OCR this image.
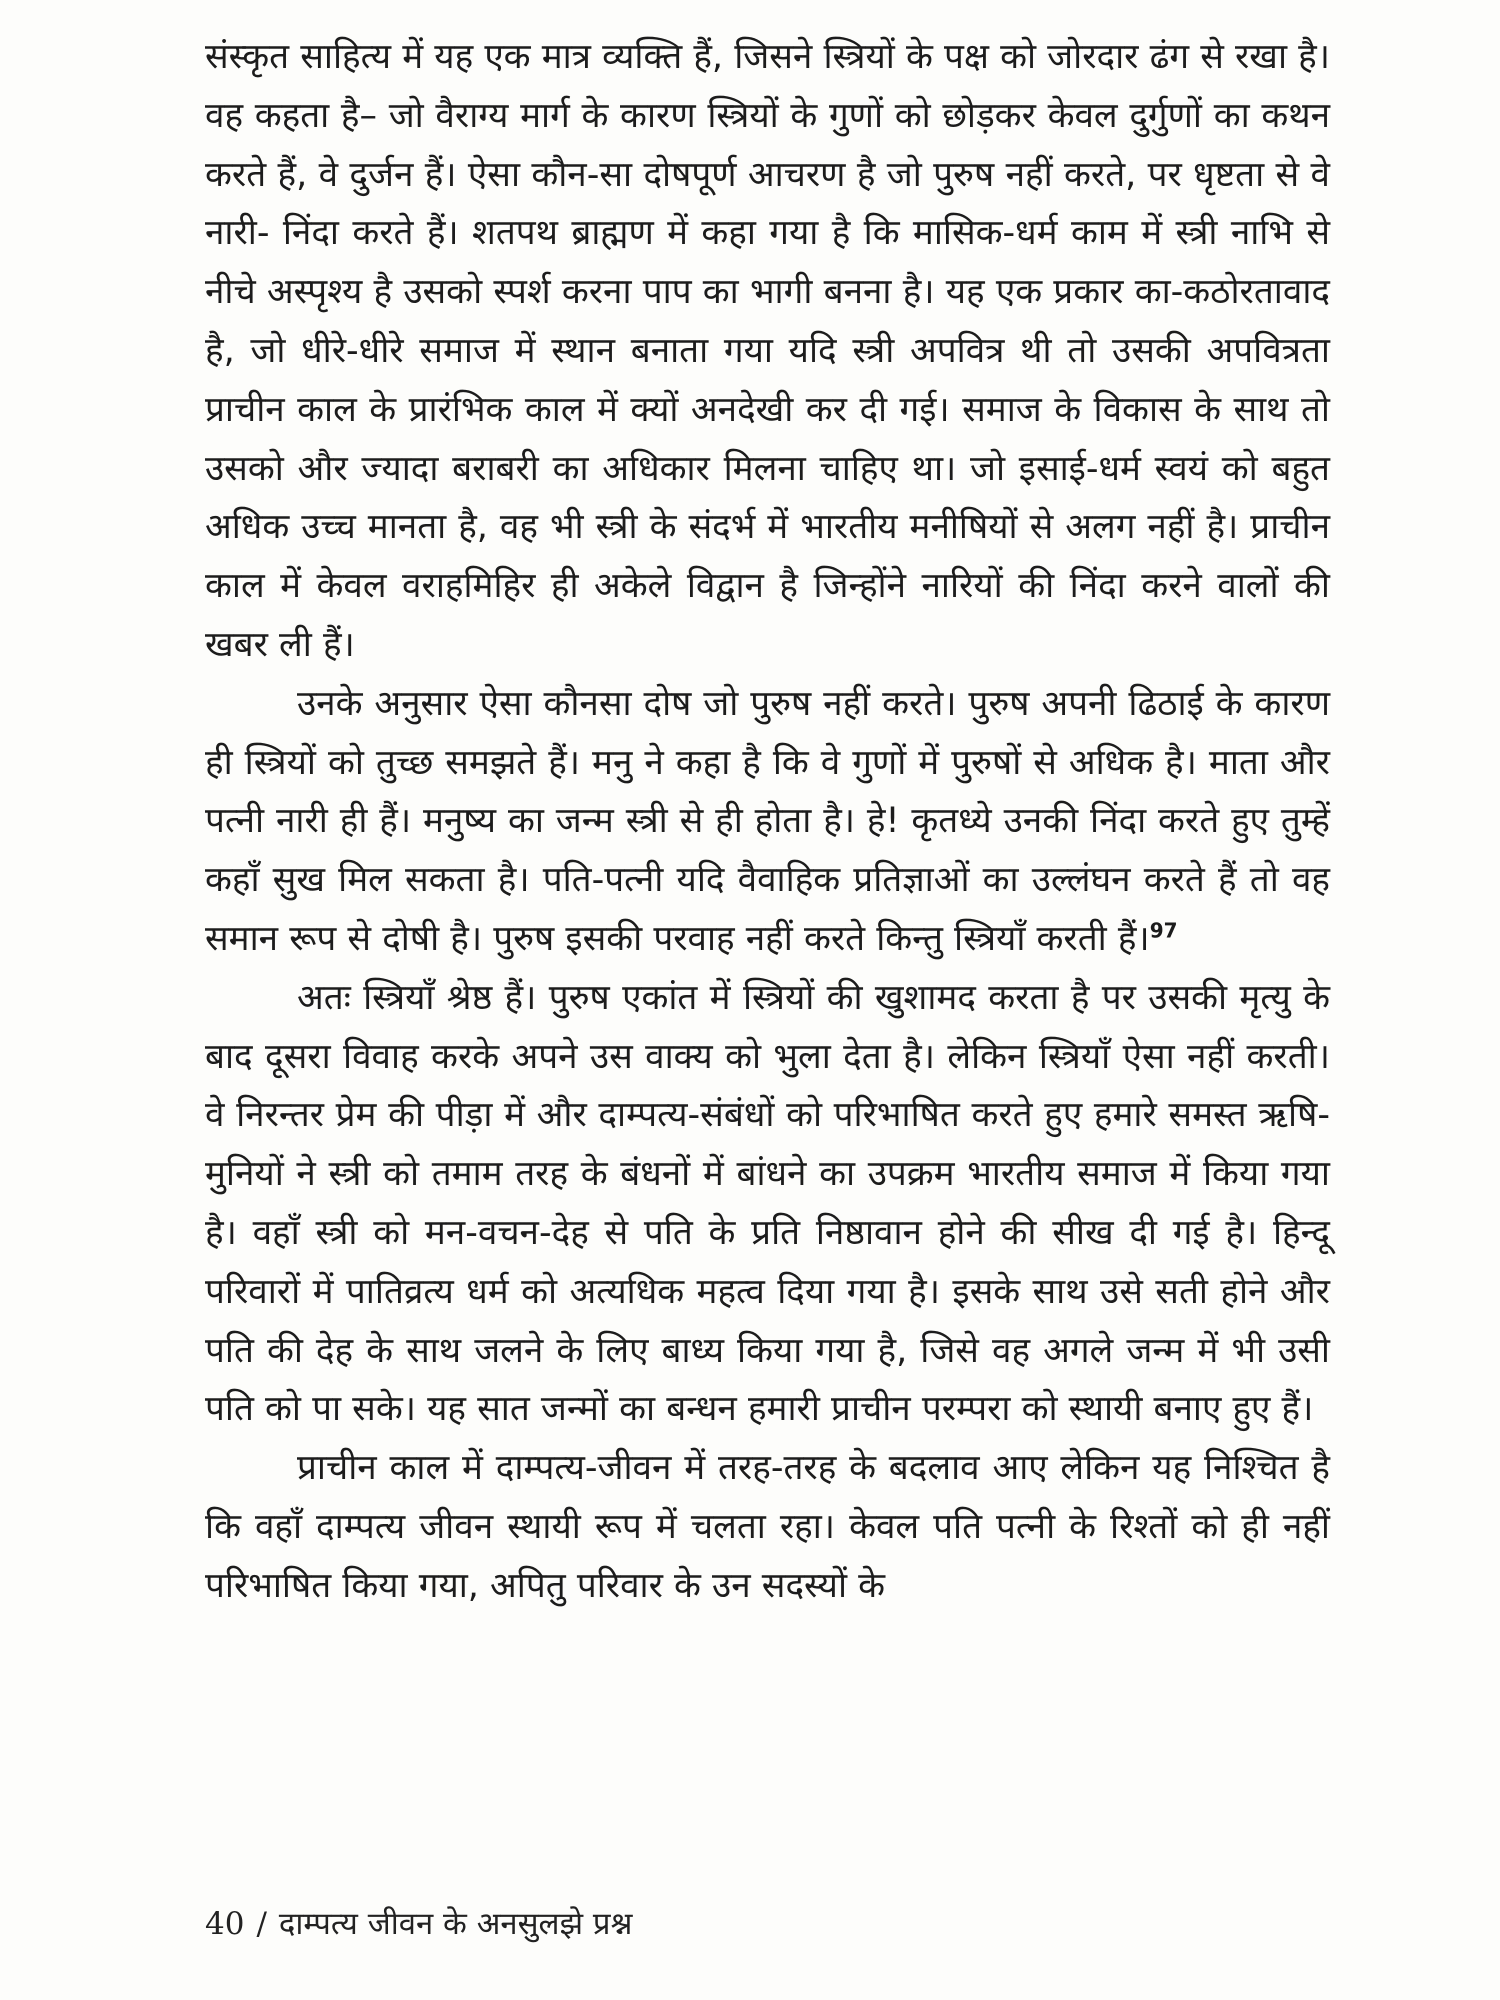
संस्कृत साहित्य में यह एक मात्र व्यक्ति हैं, जिसने स्त्रियों के पक्ष को जोरदार ढंग से रखा है। वह कहता है– जो वैराग्य मार्ग के कारण स्त्रियों के गुणों को छोड़कर केवल दुर्गुणों का कथन करते हैं, वे दुर्जन हैं। ऐसा कौन-सा दोषपूर्ण आचरण है जो पुरुष नहीं करते, पर धृष्टता से वे नारी- निंदा करते हैं। शतपथ ब्राह्मण में कहा गया है कि मासिक-धर्म काम में स्त्री नाभि से नीचे अस्पृश्य है उसको स्पर्श करना पाप का भागी बनना है। यह एक प्रकार का-कठोरतावाद है, जो धीरे-धीरे समाज में स्थान बनाता गया यदि स्त्री अपवित्र थी तो उसकी अपवित्रता प्राचीन काल के प्रारंभिक काल में क्यों अनदेखी कर दी गई। समाज के विकास के साथ तो उसको और ज्यादा बराबरी का अधिकार मिलना चाहिए था। जो इसाई-धर्म स्वयं को बहुत अधिक उच्च मानता है, वह भी स्त्री के संदर्भ में भारतीय मनीषियों से अलग नहीं है। प्राचीन काल में केवल वराहमिहिर ही अकेले विद्वान है जिन्होंने नारियों की निंदा करने वालों की खबर ली हैं।

उनके अनुसार ऐसा कौनसा दोष जो पुरुष नहीं करते। पुरुष अपनी ढिठाई के कारण ही स्त्रियों को तुच्छ समझते हैं। मनु ने कहा है कि वे गुणों में पुरुषों से अधिक है। माता और पत्नी नारी ही हैं। मनुष्य का जन्म स्त्री से ही होता है। हे! कृतध्ये उनकी निंदा करते हुए तुम्हें कहाँ सुख मिल सकता है। पति-पत्नी यदि वैवाहिक प्रतिज्ञाओं का उल्लंघन करते हैं तो वह समान रूप से दोषी है। पुरुष इसकी परवाह नहीं करते किन्तु स्त्रियाँ करती हैं।$^{97}$

अतः स्त्रियाँ श्रेष्ठ हैं। पुरुष एकांत में स्त्रियों की खुशामद करता है पर उसकी मृत्यु के बाद दूसरा विवाह करके अपने उस वाक्य को भुला देता है। लेकिन स्त्रियाँ ऐसा नहीं करती। वे निरन्तर प्रेम की पीड़ा में और दाम्पत्य-संबंधों को परिभाषित करते हुए हमारे समस्त ऋषि-मुनियों ने स्त्री को तमाम तरह के बंधनों में बांधने का उपक्रम भारतीय समाज में किया गया है। वहाँ स्त्री को मन-वचन-देह से पति के प्रति निष्ठावान होने की सीख दी गई है। हिन्दू परिवारों में पातिव्रत्य धर्म को अत्यधिक महत्व दिया गया है। इसके साथ उसे सती होने और पति की देह के साथ जलने के लिए बाध्य किया गया है, जिसे वह अगले जन्म में भी उसी पति को पा सके। यह सात जन्मों का बन्धन हमारी प्राचीन परम्परा को स्थायी बनाए हुए हैं।

प्राचीन काल में दाम्पत्य-जीवन में तरह-तरह के बदलाव आए लेकिन यह निश्चित है कि वहाँ दाम्पत्य जीवन स्थायी रूप में चलता रहा। केवल पति पत्नी के रिश्तों को ही नहीं परिभाषित किया गया, अपितु परिवार के उन सदस्यों के

40 / दाम्पत्य जीवन के अनसुलझे प्रश्न
